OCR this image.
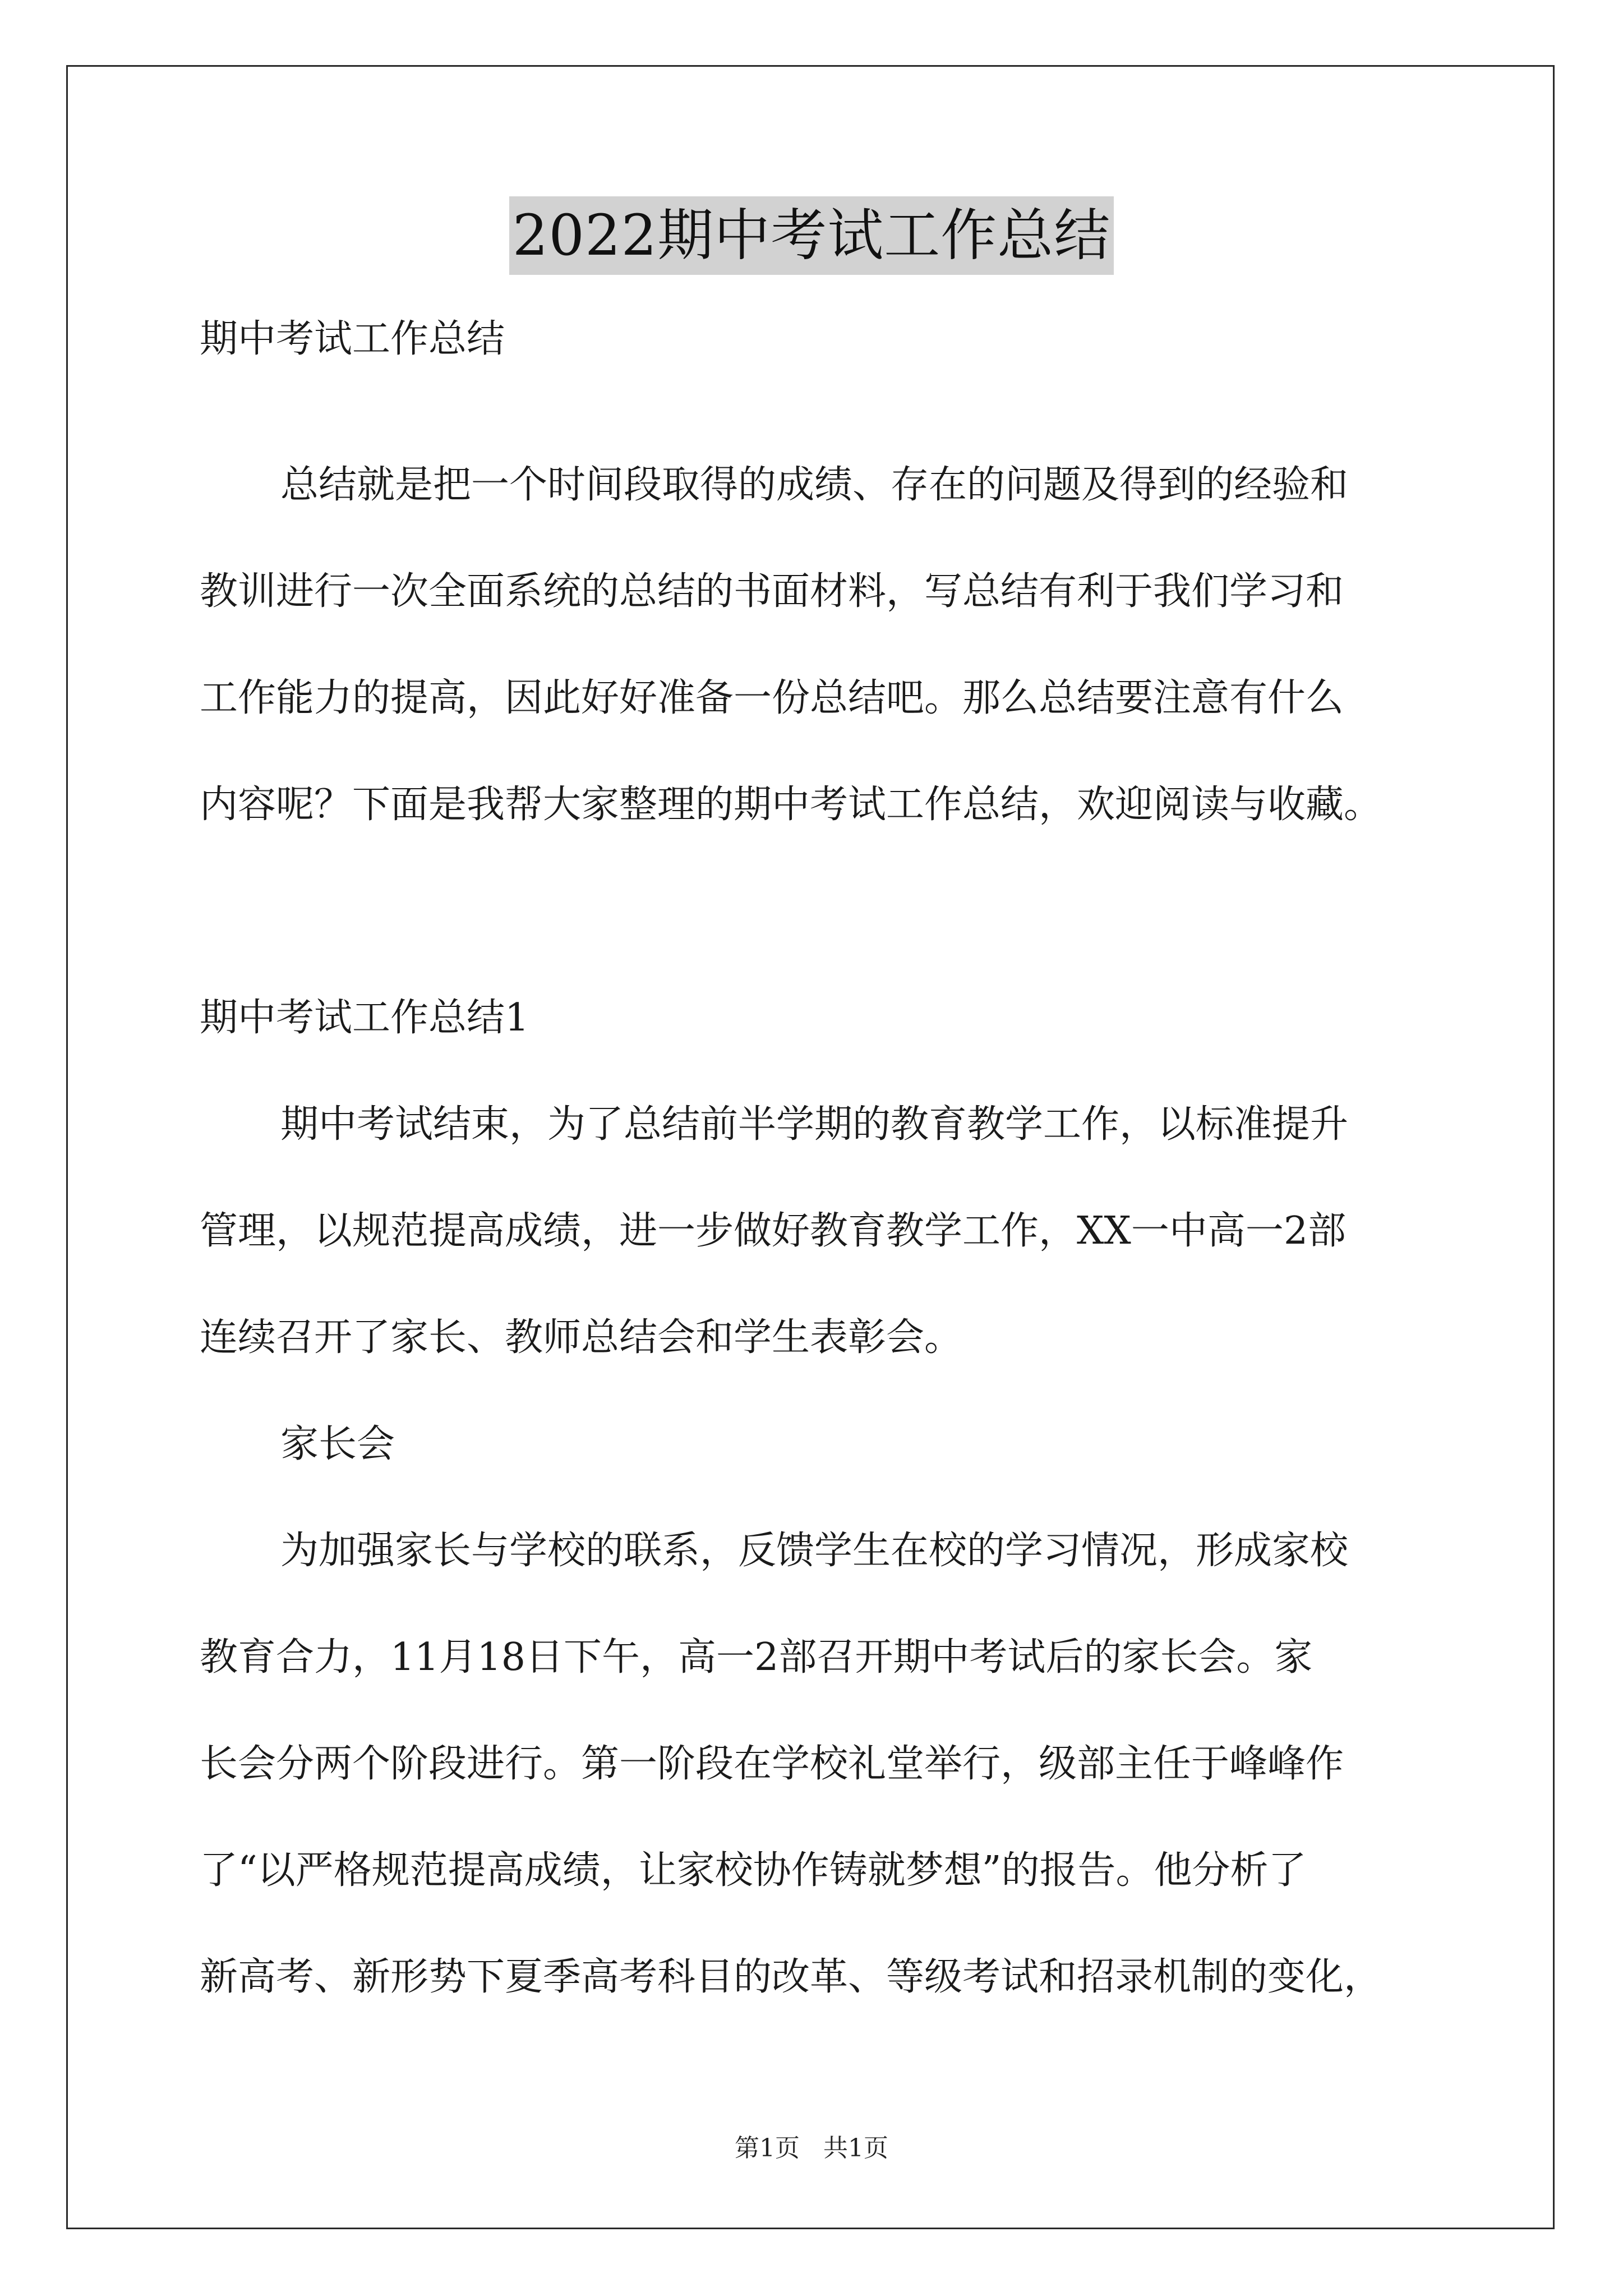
2022期中考试工作总结
期中考试工作总结
总结就是把一个时间段取得的成绩、存在的问题及得到的经验和
教训进行一次全面系统的总结的书面材料，写总结有利于我们学习和
工作能力的提高，因此好好准备一份总结吧。那么总结要注意有什么
内容呢？下面是我帮大家整理的期中考试工作总结，欢迎阅读与收藏。
期中考试工作总结1
期中考试结束，为了总结前半学期的教育教学工作，以标准提升
管理，以规范提高成绩，进一步做好教育教学工作，XX一中高一2部
连续召开了家长、教师总结会和学生表彰会。
家长会
为加强家长与学校的联系，反馈学生在校的学习情况，形成家校
教育合力，11月18日下午，高一2部召开期中考试后的家长会。家
长会分两个阶段进行。第一阶段在学校礼堂举行，级部主任于峰峰作
了“以严格规范提高成绩，让家校协作铸就梦想”的报告。他分析了
新高考、新形势下夏季高考科目的改革、等级考试和招录机制的变化，
第1页 共1页
